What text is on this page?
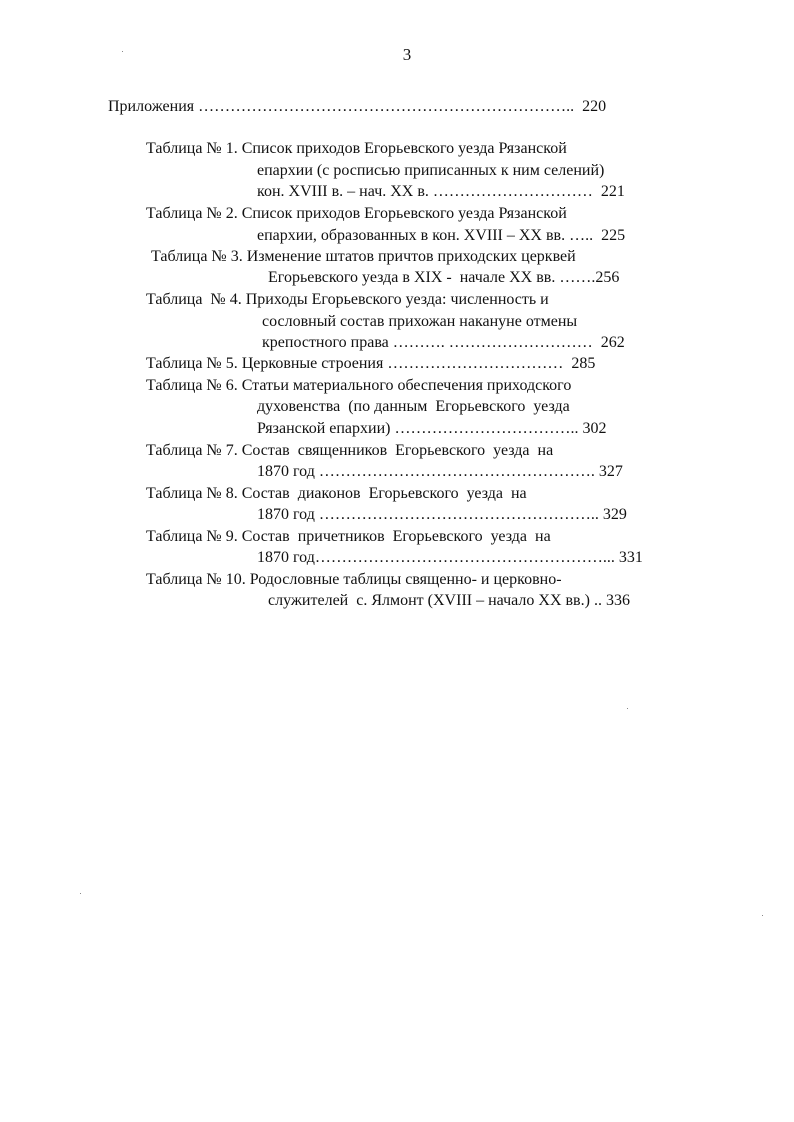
3
Приложения ……………………………………………………………..  220
Таблица № 1. Список приходов Егорьевского уезда Рязанской
епархии (с росписью приписанных к ним селений)
кон. XVIII в. – нач. XX в. …………………………  221
Таблица № 2. Список приходов Егорьевского уезда Рязанской
епархии, образованных в кон. XVIII – XX вв. …..  225
Таблица № 3. Изменение штатов причтов приходских церквей
Егорьевского уезда в XIX -  начале XX вв. …….256
Таблица  № 4. Приходы Егорьевского уезда: численность и
сословный состав прихожан накануне отмены
крепостного права ………. ………………………  262
Таблица № 5. Церковные строения ……………………………  285
Таблица № 6. Статьи материального обеспечения приходского
духовенства  (по данным  Егорьевского  уезда
Рязанской епархии) …………………………….. 302
Таблица № 7. Состав  священников  Егорьевского  уезда  на
1870 год ……………………………………………. 327
Таблица № 8. Состав  диаконов  Егорьевского  уезда  на
1870 год …………………………………………….. 329
Таблица № 9. Состав  причетников  Егорьевского  уезда  на
1870 год………………………………………………... 331
Таблица № 10. Родословные таблицы священно- и церковно-
служителей  с. Ялмонт (XVIII – начало XX вв.) .. 336
